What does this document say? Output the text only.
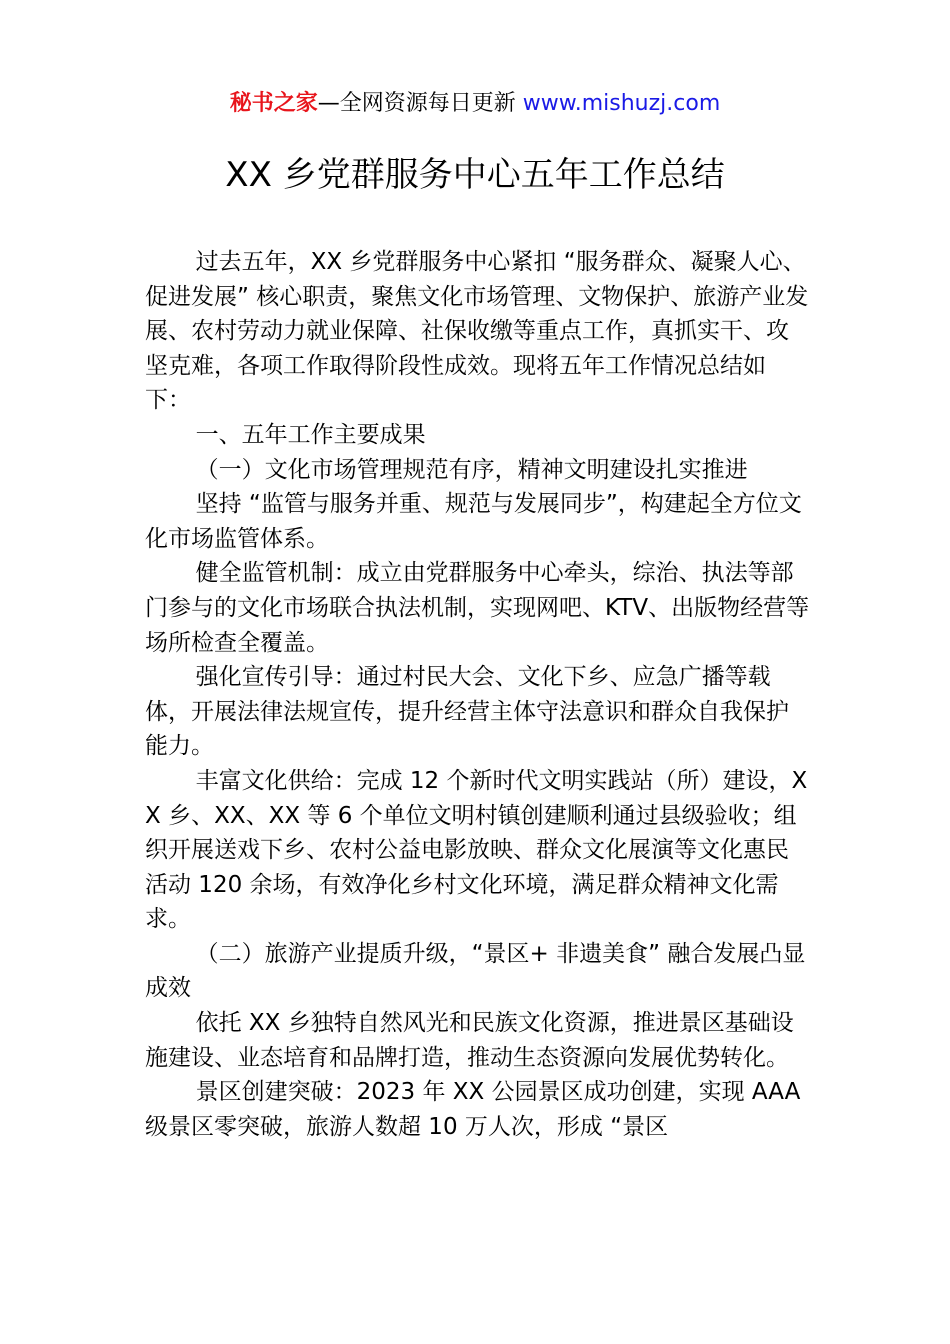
秘书之家—全网资源每日更新 www.mishuzj.com
XX 乡党群服务中心五年工作总结

过去五年，XX 乡党群服务中心紧扣 “服务群众、凝聚人心、促进发展” 核心职责，聚焦文化市场管理、文物保护、旅游产业发展、农村劳动力就业保障、社保收缴等重点工作，真抓实干、攻坚克难，各项工作取得阶段性成效。现将五年工作情况总结如下：

一、五年工作主要成果

（一）文化市场管理规范有序，精神文明建设扎实推进

坚持 “监管与服务并重、规范与发展同步”，构建起全方位文化市场监管体系。

健全监管机制：成立由党群服务中心牵头，综治、执法等部门参与的文化市场联合执法机制，实现网吧、KTV、出版物经营等场所检查全覆盖。

强化宣传引导：通过村民大会、文化下乡、应急广播等载体，开展法律法规宣传，提升经营主体守法意识和群众自我保护能力。

丰富文化供给：完成 12 个新时代文明实践站（所）建设，XX 乡、XX、XX 等 6 个单位文明村镇创建顺利通过县级验收；组织开展送戏下乡、农村公益电影放映、群众文化展演等文化惠民活动 120 余场，有效净化乡村文化环境，满足群众精神文化需求。

（二）旅游产业提质升级，“景区+ 非遗美食” 融合发展凸显成效

依托 XX 乡独特自然风光和民族文化资源，推进景区基础设施建设、业态培育和品牌打造，推动生态资源向发展优势转化。

景区创建突破：2023 年 XX 公园景区成功创建，实现 AAA 级景区零突破，旅游人数超 10 万人次，形成 “景区
